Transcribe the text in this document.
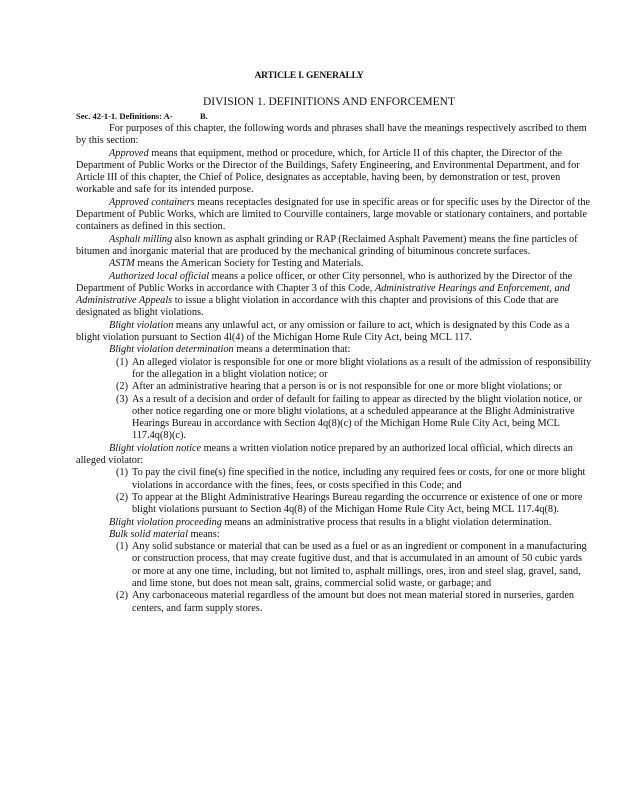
ARTICLE I. GENERALLY
DIVISION 1. DEFINITIONS AND ENFORCEMENT
Sec. 42-1-1. Definitions: A-	B.

For purposes of this chapter, the following words and phrases shall have the meanings respectively ascribed to them by this section:

Approved means that equipment, method or procedure, which, for Article II of this chapter, the Director of the Department of Public Works or the Director of the Buildings, Safety Engineering, and Environmental Department, and for Article III of this chapter, the Chief of Police, designates as acceptable, having been, by demonstration or test, proven workable and safe for its intended purpose.

Approved containers means receptacles designated for use in specific areas or for specific uses by the Director of the Department of Public Works, which are limited to Courville containers, large movable or stationary containers, and portable containers as defined in this section.

Asphalt milling also known as asphalt grinding or RAP (Reclaimed Asphalt Pavement) means the fine particles of bitumen and inorganic material that are produced by the mechanical grinding of bituminous concrete surfaces.

ASTM means the American Society for Testing and Materials.

Authorized local official means a police officer, or other City personnel, who is authorized by the Director of the Department of Public Works in accordance with Chapter 3 of this Code, Administrative Hearings and Enforcement, and Administrative Appeals to issue a blight violation in accordance with this chapter and provisions of this Code that are designated as blight violations.

Blight violation means any unlawful act, or any omission or failure to act, which is designated by this Code as a blight violation pursuant to Section 4l(4) of the Michigan Home Rule City Act, being MCL 117.

Blight violation determination means a determination that:

(1) An alleged violator is responsible for one or more blight violations as a result of the admission of responsibility for the allegation in a blight violation notice; or

(2) After an administrative hearing that a person is or is not responsible for one or more blight violations; or

(3) As a result of a decision and order of default for failing to appear as directed by the blight violation notice, or other notice regarding one or more blight violations, at a scheduled appearance at the Blight Administrative Hearings Bureau in accordance with Section 4q(8)(c) of the Michigan Home Rule City Act, being MCL 117.4q(8)(c).

Blight violation notice means a written violation notice prepared by an authorized local official, which directs an alleged violator:

(1) To pay the civil fine(s) fine specified in the notice, including any required fees or costs, for one or more blight violations in accordance with the fines, fees, or costs specified in this Code; and

(2) To appear at the Blight Administrative Hearings Bureau regarding the occurrence or existence of one or more blight violations pursuant to Section 4q(8) of the Michigan Home Rule City Act, being MCL 117.4q(8).

Blight violation proceeding means an administrative process that results in a blight violation determination.

Bulk solid material means:

(1) Any solid substance or material that can be used as a fuel or as an ingredient or component in a manufacturing or construction process, that may create fugitive dust, and that is accumulated in an amount of 50 cubic yards or more at any one time, including, but not limited to, asphalt millings, ores, iron and steel slag, gravel, sand, and lime stone, but does not mean salt, grains, commercial solid waste, or garbage; and

(2) Any carbonaceous material regardless of the amount but does not mean material stored in nurseries, garden centers, and farm supply stores.
